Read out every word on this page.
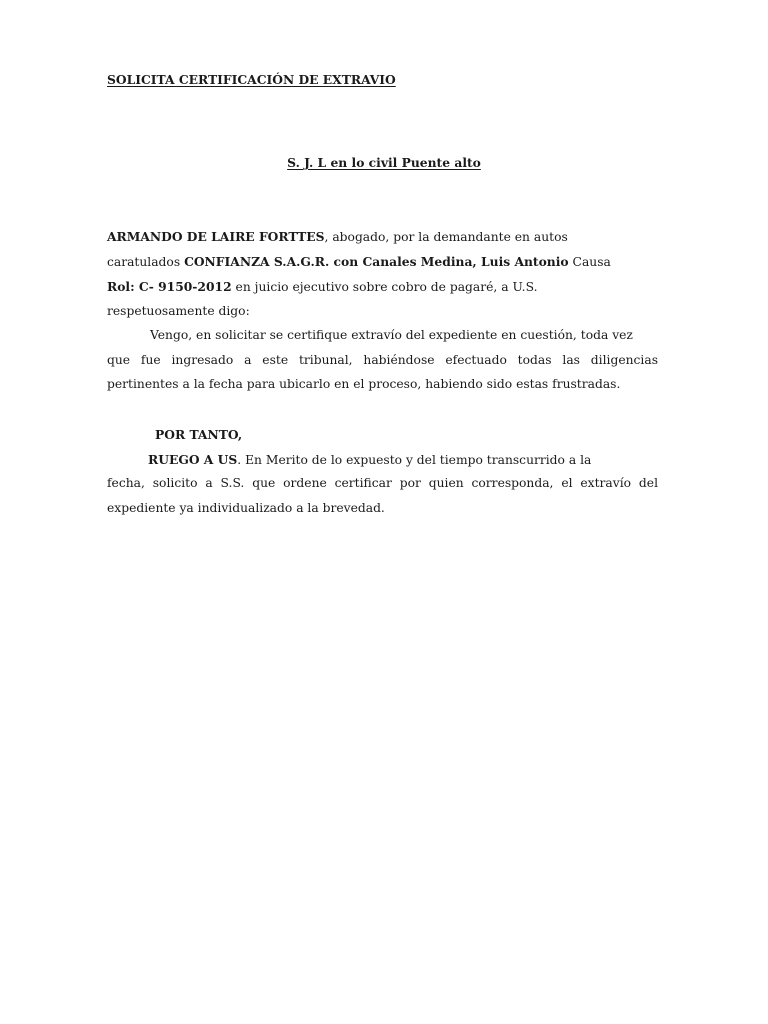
SOLICITA CERTIFICACIÓN DE EXTRAVIO
S. J. L en lo civil Puente alto
ARMANDO DE LAIRE FORTTES, abogado, por la demandante en autos
caratulados CONFIANZA S.A.G.R. con Canales Medina, Luis Antonio Causa
Rol: C- 9150-2012 en juicio ejecutivo sobre cobro de pagaré, a U.S.
respetuosamente digo:
Vengo, en solicitar se certifique extravío del expediente en cuestión, toda vez
que fue ingresado a este tribunal, habiéndose efectuado todas las diligencias
pertinentes a la fecha para ubicarlo en el proceso, habiendo sido estas frustradas.
POR TANTO,
RUEGO A US. En Merito de lo expuesto y del tiempo transcurrido a la
fecha, solicito a S.S. que ordene certificar por quien corresponda, el extravío del
expediente ya individualizado a la brevedad.
